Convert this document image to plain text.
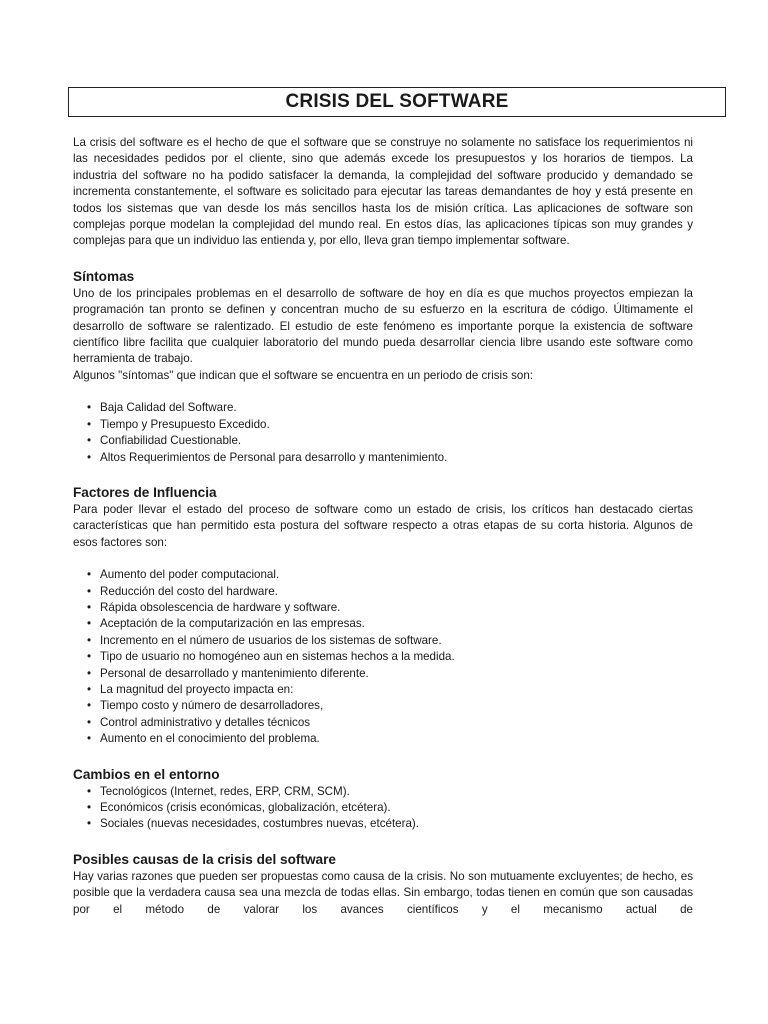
CRISIS DEL SOFTWARE

La crisis del software es el hecho de que el software que se construye no solamente no satisface los requerimientos ni las necesidades pedidos por el cliente, sino que además excede los presupuestos y los horarios de tiempos. La industria del software no ha podido satisfacer la demanda, la complejidad del software producido y demandado se incrementa constantemente, el software es solicitado para ejecutar las tareas demandantes de hoy y está presente en todos los sistemas que van desde los más sencillos hasta los de misión crítica. Las aplicaciones de software son complejas porque modelan la complejidad del mundo real. En estos días, las aplicaciones típicas son muy grandes y complejas para que un individuo las entienda y, por ello, lleva gran tiempo implementar software.

Síntomas

Uno de los principales problemas en el desarrollo de software de hoy en día es que muchos proyectos empiezan la programación tan pronto se definen y concentran mucho de su esfuerzo en la escritura de código. Últimamente el desarrollo de software se ralentizado. El estudio de este fenómeno es importante porque la existencia de software científico libre facilita que cualquier laboratorio del mundo pueda desarrollar ciencia libre usando este software como herramienta de trabajo.

Algunos "síntomas" que indican que el software se encuentra en un periodo de crisis son:

• Baja Calidad del Software.
• Tiempo y Presupuesto Excedido.
• Confiabilidad Cuestionable.
• Altos Requerimientos de Personal para desarrollo y mantenimiento.
Factores de Influencia

Para poder llevar el estado del proceso de software como un estado de crisis, los críticos han destacado ciertas características que han permitido esta postura del software respecto a otras etapas de su corta historia. Algunos de esos factores son:

• Aumento del poder computacional.
• Reducción del costo del hardware.
• Rápida obsolescencia de hardware y software.
• Aceptación de la computarización en las empresas.
• Incremento en el número de usuarios de los sistemas de software.
• Tipo de usuario no homogéneo aun en sistemas hechos a la medida.
• Personal de desarrollado y mantenimiento diferente.
• La magnitud del proyecto impacta en:
• Tiempo costo y número de desarrolladores,
• Control administrativo y detalles técnicos
• Aumento en el conocimiento del problema.
Cambios en el entorno
• Tecnológicos (Internet, redes, ERP, CRM, SCM).
• Económicos (crisis económicas, globalización, etcétera).
• Sociales (nuevas necesidades, costumbres nuevas, etcétera).
Posibles causas de la crisis del software

Hay varias razones que pueden ser propuestas como causa de la crisis. No son mutuamente excluyentes; de hecho, es posible que la verdadera causa sea una mezcla de todas ellas. Sin embargo, todas tienen en común que son causadas por el método de valorar los avances científicos y el mecanismo actual de
